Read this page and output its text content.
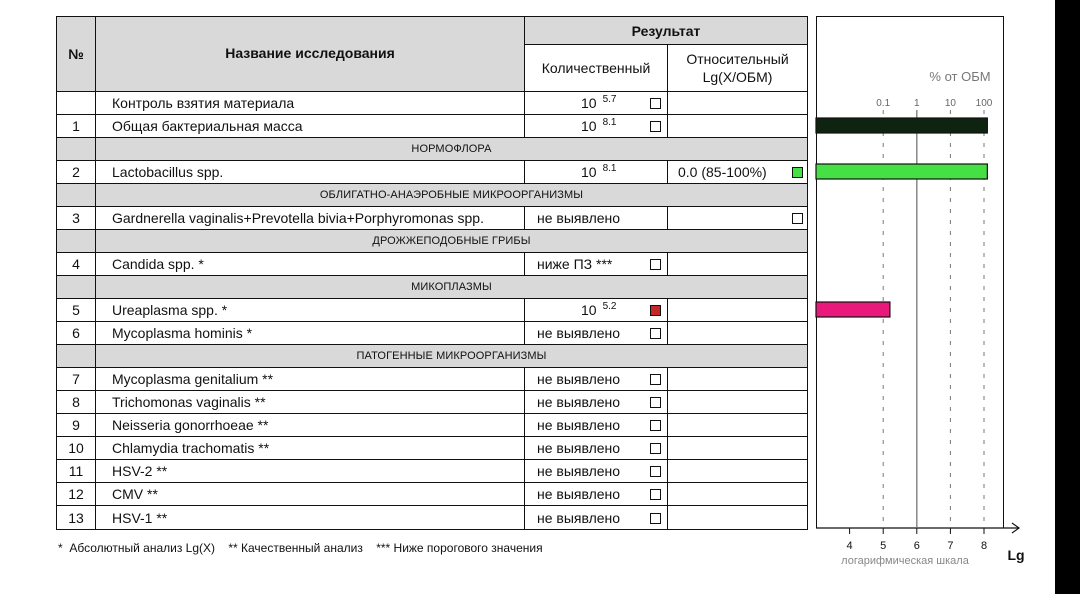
№	Название исследования
Результат
Количественный
Относительный
Lg(X/ОБМ)
Контроль взятия материала	10 5.7
1	Общая бактериальная масса	10 8.1
НОРМОФЛОРА
2	Lactobacillus spp.	10 8.1	0.0 (85-100%)
ОБЛИГАТНО-АНАЭРОБНЫЕ МИКРООРГАНИЗМЫ
3	Gardnerella vaginalis+Prevotella bivia+Porphyromonas spp.	не выявлено
ДРОЖЖЕПОДОБНЫЕ ГРИБЫ
4	Candida spp. *	ниже ПЗ ***
МИКОПЛАЗМЫ
5	Ureaplasma spp. *	10 5.2
6	Mycoplasma hominis *	не выявлено
ПАТОГЕННЫЕ МИКРООРГАНИЗМЫ
7	Mycoplasma genitalium **	не выявлено
8	Trichomonas vaginalis **	не выявлено
9	Neisseria gonorrhoeae **	не выявлено
10	Chlamydia trachomatis **	не выявлено
11	HSV-2 **	не выявлено
12	CMV **	не выявлено
13	HSV-1 **	не выявлено
*  Абсолютный анализ Lg(X)    ** Качественный анализ    *** Ниже порогового значения
% от ОБМ
0.1 1	10 100
4 5 6 7 8
логарифмическая шкала	Lg
